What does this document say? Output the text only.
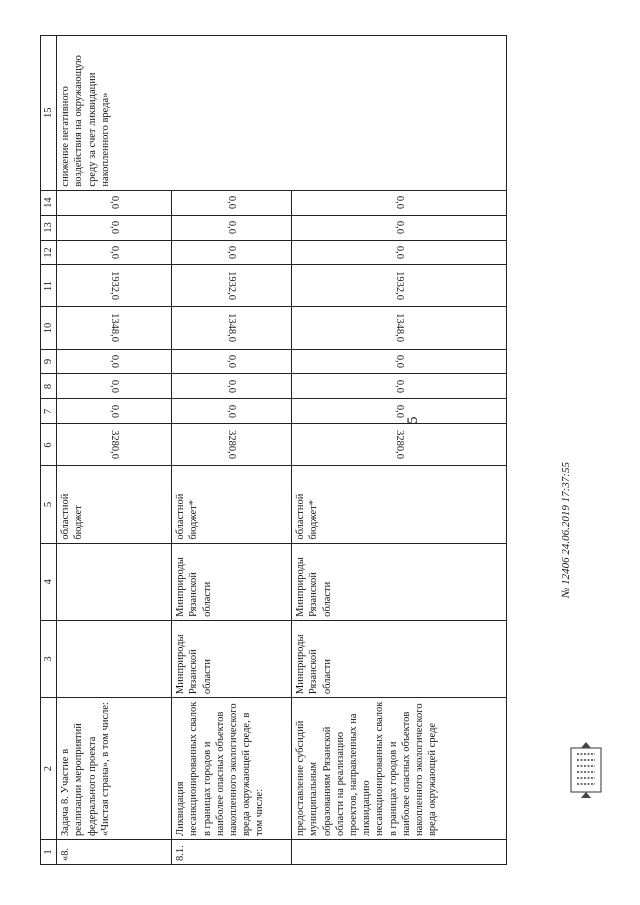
5
1	2	3	4	5	6	7	8	9	10	11	12	13	14	15
«8.	Задача 8. Участие в реализации мероприятий федерального проекта «Чистая страна», в том числе:			областной бюджет	3280,0	0,0	0,0	0,0	1348,0	1932,0	0,0	0,0	0,0	снижение негативного воздействия на окружающую среду за счет ликвидации накопленного вреда»
8.1.	Ликвидация несанкционированных свалок в границах городов и наиболее опасных объектов накопленного экологического вреда окружающей среде, в том числе:	Минприроды Рязанской области	Минприроды Рязанской области	областной бюджет*	3280,0	0,0	0,0	0,0	1348,0	1932,0	0,0	0,0	0,0	
	предоставление субсидий муниципальным образованиям Рязанской области на реализацию проектов, направленных на ликвидацию несанкционированных свалок в границах городов и наиболее опасных объектов накопленного экологического вреда окружающей среде	Минприроды Рязанской области	Минприроды Рязанской области	областной бюджет*	3280,0	0,0	0,0	0,0	1348,0	1932,0	0,0	0,0	0,0	
№ 12406 24.06.2019 17:37:55
